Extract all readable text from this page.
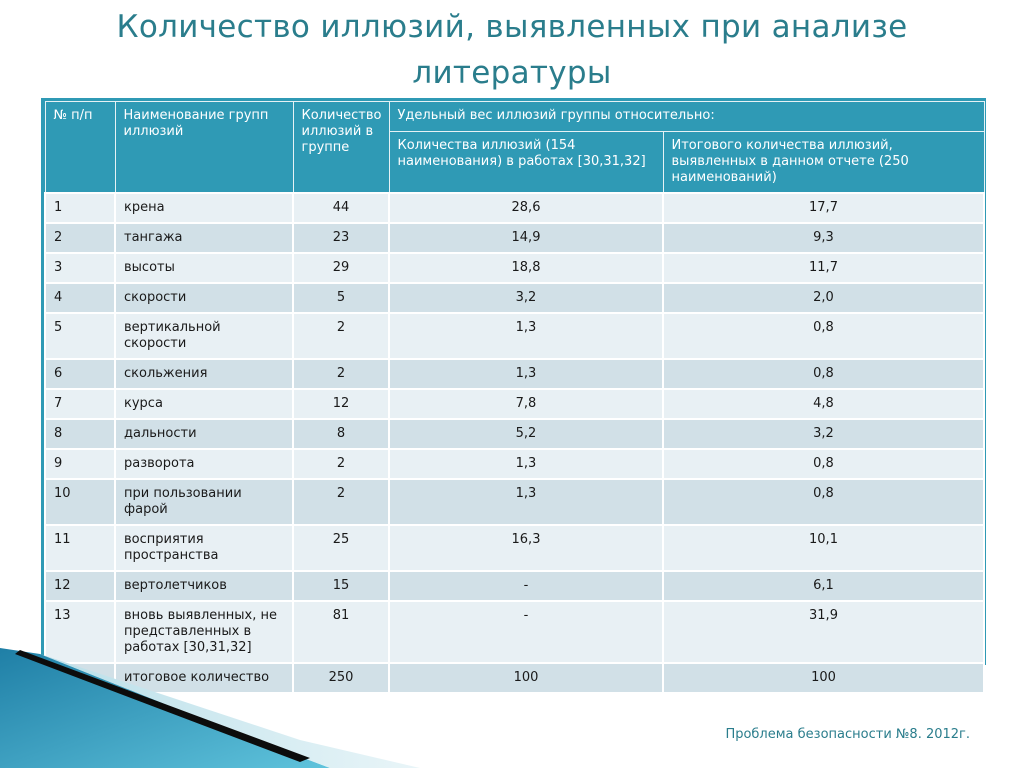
Количество иллюзий, выявленных при анализе
литературы
№ п/п	Наименование групп иллюзий	Количество иллюзий в группе	Удельный вес иллюзий группы относительно:	
			Количества иллюзий (154 наименования) в работах [30,31,32]	Итогового количества иллюзий, выявленных в данном отчете (250 наименований)
1	крена	44	28,6	17,7
2	тангажа	23	14,9	9,3
3	высоты	29	18,8	11,7
4	скорости	5	3,2	2,0
5	вертикальной скорости	2	1,3	0,8
6	скольжения	2	1,3	0,8
7	курса	12	7,8	4,8
8	дальности	8	5,2	3,2
9	разворота	2	1,3	0,8
10	при пользовании фарой	2	1,3	0,8
11	восприятия пространства	25	16,3	10,1
12	вертолетчиков	15	-	6,1
13	вновь выявленных, не представленных в работах [30,31,32]	81	-	31,9
	итоговое количество	250	100	100
Проблема безопасности №8. 2012г.
